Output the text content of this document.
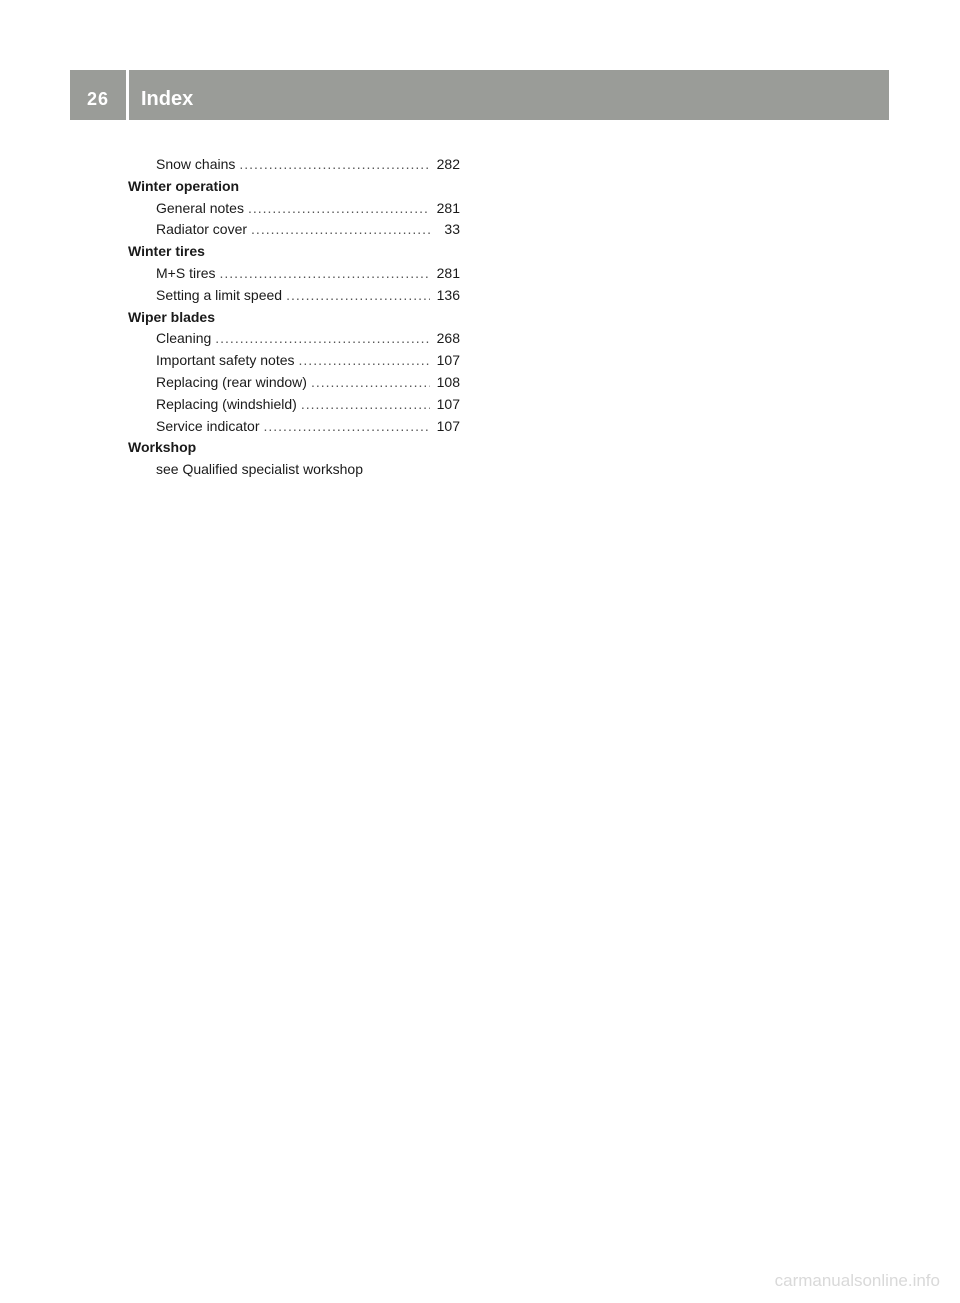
26	Index
Snow chains .....	282
Winter operation
General notes .....	281
Radiator cover .....	33
Winter tires
M+S tires .....	281
Setting a limit speed .....	136
Wiper blades
Cleaning .....	268
Important safety notes .....	107
Replacing (rear window) .....	108
Replacing (windshield) .....	107
Service indicator .....	107
Workshop
see Qualified specialist workshop
carmanualsonline.info
